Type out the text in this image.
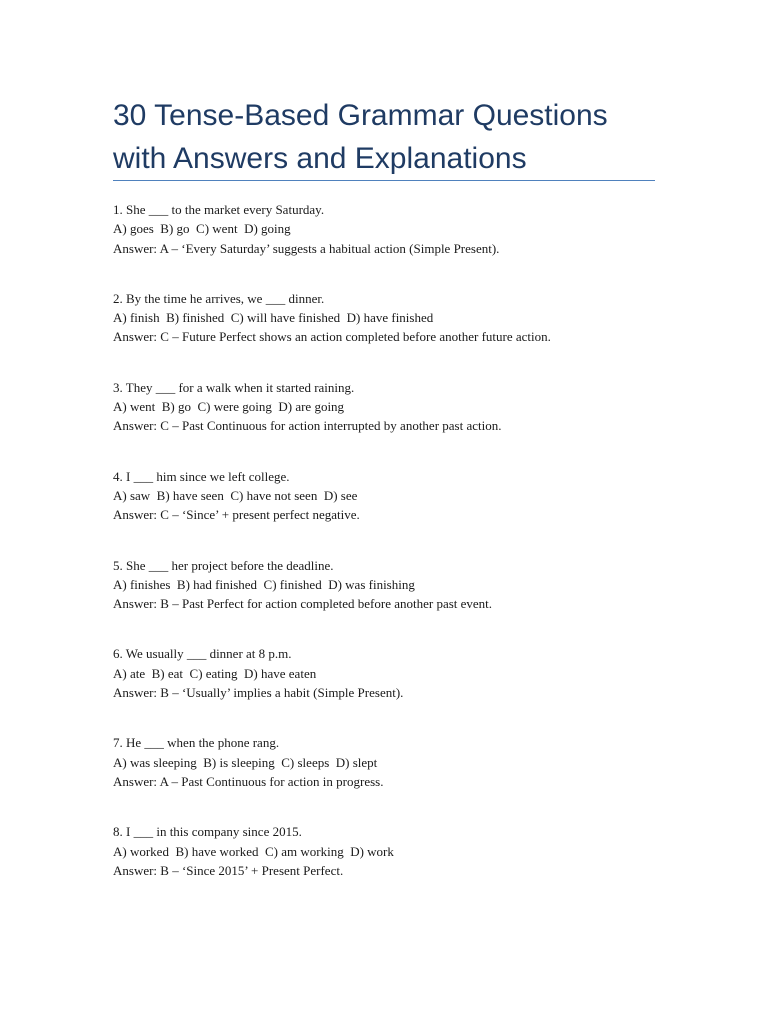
30 Tense-Based Grammar Questions
with Answers and Explanations
1. She ___ to the market every Saturday.
A) goes  B) go  C) went  D) going
Answer: A – ‘Every Saturday’ suggests a habitual action (Simple Present).
2. By the time he arrives, we ___ dinner.
A) finish  B) finished  C) will have finished  D) have finished
Answer: C – Future Perfect shows an action completed before another future action.
3. They ___ for a walk when it started raining.
A) went  B) go  C) were going  D) are going
Answer: C – Past Continuous for action interrupted by another past action.
4. I ___ him since we left college.
A) saw  B) have seen  C) have not seen  D) see
Answer: C – ‘Since’ + present perfect negative.
5. She ___ her project before the deadline.
A) finishes  B) had finished  C) finished  D) was finishing
Answer: B – Past Perfect for action completed before another past event.
6. We usually ___ dinner at 8 p.m.
A) ate  B) eat  C) eating  D) have eaten
Answer: B – ‘Usually’ implies a habit (Simple Present).
7. He ___ when the phone rang.
A) was sleeping  B) is sleeping  C) sleeps  D) slept
Answer: A – Past Continuous for action in progress.
8. I ___ in this company since 2015.
A) worked  B) have worked  C) am working  D) work
Answer: B – ‘Since 2015’ + Present Perfect.
